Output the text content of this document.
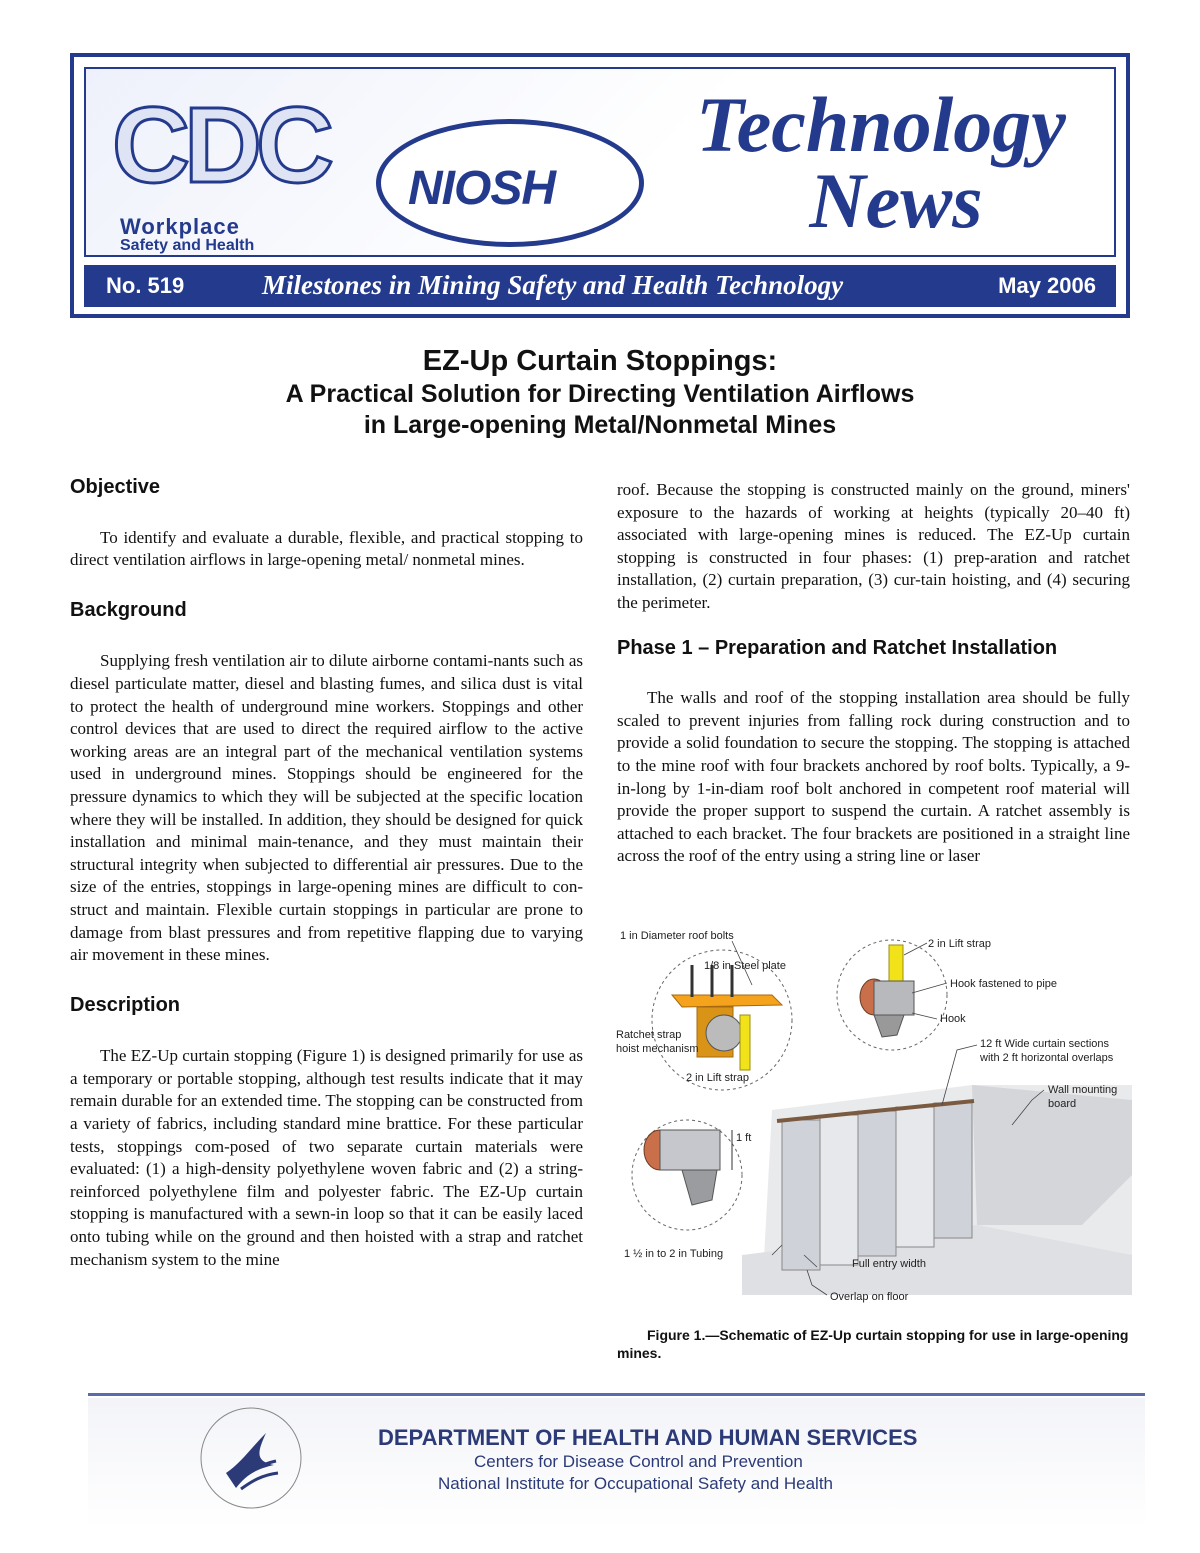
CDC
Workplace
Safety and Health
NIOSH
Technology
News
No. 519	Milestones in Mining Safety and Health Technology	May 2006
EZ-Up Curtain Stoppings:
A Practical Solution for Directing Ventilation Airflows
in Large-opening Metal/Nonmetal Mines
Objective

To identify and evaluate a durable, flexible, and practical stopping to direct ventilation airflows in large-opening metal/ nonmetal mines.

Background

Supplying fresh ventilation air to dilute airborne contami-nants such as diesel particulate matter, diesel and blasting fumes, and silica dust is vital to protect the health of underground mine workers. Stoppings and other control devices that are used to direct the required airflow to the active working areas are an integral part of the mechanical ventilation systems used in underground mines. Stoppings should be engineered for the pressure dynamics to which they will be subjected at the specific location where they will be installed. In addition, they should be designed for quick installation and minimal main-tenance, and they must maintain their structural integrity when subjected to differential air pressures. Due to the size of the entries, stoppings in large-opening mines are difficult to con-struct and maintain. Flexible curtain stoppings in particular are prone to damage from blast pressures and from repetitive flapping due to varying air movement in these mines.

Description

The EZ-Up curtain stopping (Figure 1) is designed primarily for use as a temporary or portable stopping, although test results indicate that it may remain durable for an extended time. The stopping can be constructed from a variety of fabrics, including standard mine brattice. For these particular tests, stoppings com-posed of two separate curtain materials were evaluated: (1) a high-density polyethylene woven fabric and (2) a string-reinforced polyethylene film and polyester fabric. The EZ-Up curtain stopping is manufactured with a sewn-in loop so that it can be easily laced onto tubing while on the ground and then hoisted with a strap and ratchet mechanism system to the mine

roof. Because the stopping is constructed mainly on the ground, miners' exposure to the hazards of working at heights (typically 20–40 ft) associated with large-opening mines is reduced. The EZ-Up curtain stopping is constructed in four phases: (1) prep-aration and ratchet installation, (2) curtain preparation, (3) cur-tain hoisting, and (4) securing the perimeter.

Phase 1 – Preparation and Ratchet Installation

The walls and roof of the stopping installation area should be fully scaled to prevent injuries from falling rock during construction and to provide a solid foundation to secure the stopping. The stopping is attached to the mine roof with four brackets anchored by roof bolts. Typically, a 9-in-long by 1-in-diam roof bolt anchored in competent roof material will provide the proper support to suspend the curtain. A ratchet assembly is attached to each bracket. The four brackets are positioned in a straight line across the roof of the entry using a string line or laser

1 in Diameter roof bolts
1/8 in Steel plate
Ratchet strap
hoist mechanism
2 in Lift strap
2 in Lift strap
Hook fastened to pipe
Hook
12 ft Wide curtain sections
with 2 ft horizontal overlaps
Wall mounting
board
1 ft
1 ½ in to 2 in Tubing
Full entry width
Overlap on floor
Figure 1.—Schematic of EZ-Up curtain stopping for use in large-opening mines.
DEPARTMENT OF HEALTH AND HUMAN SERVICES
Centers for Disease Control and Prevention
National Institute for Occupational Safety and Health
